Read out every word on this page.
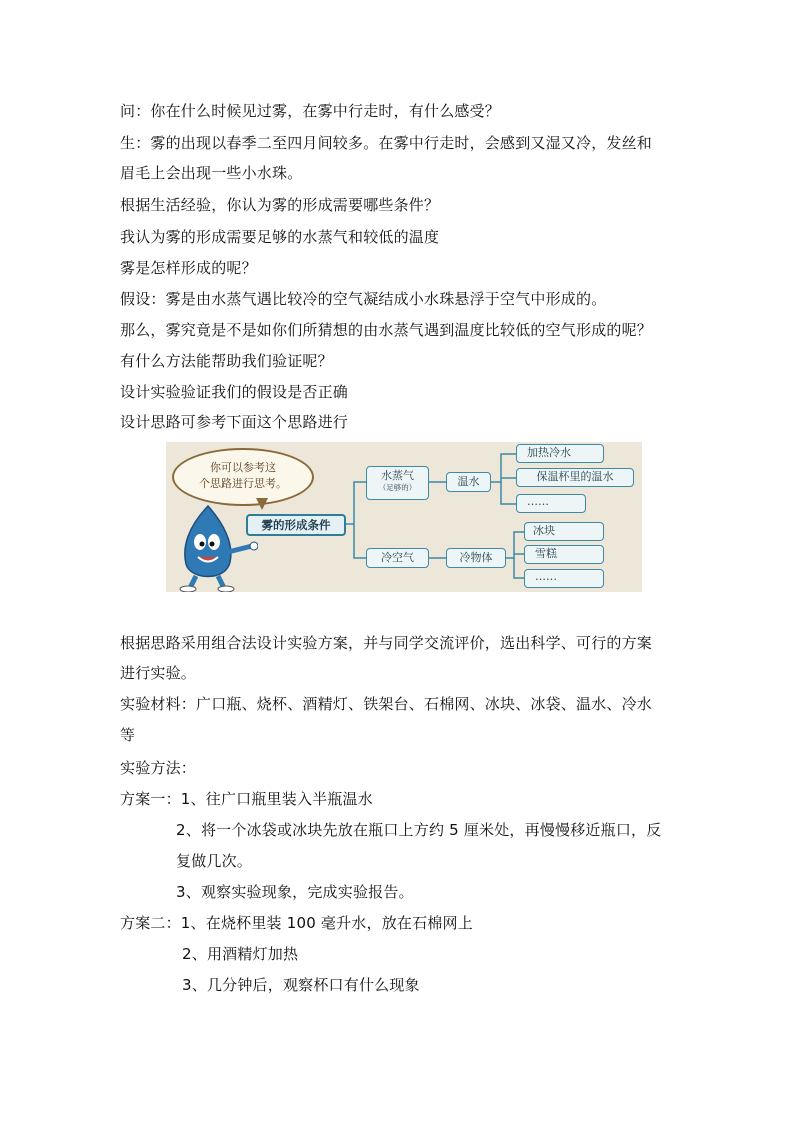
问：你在什么时候见过雾，在雾中行走时，有什么感受？
生：雾的出现以春季二至四月间较多。在雾中行走时，会感到又湿又冷，发丝和
眉毛上会出现一些小水珠。
根据生活经验，你认为雾的形成需要哪些条件？
我认为雾的形成需要足够的水蒸气和较低的温度
雾是怎样形成的呢？
假设：雾是由水蒸气遇比较冷的空气凝结成小水珠悬浮于空气中形成的。
那么，雾究竟是不是如你们所猜想的由水蒸气遇到温度比较低的空气形成的呢？
有什么方法能帮助我们验证呢？
设计实验验证我们的假设是否正确
设计思路可参考下面这个思路进行
你可以参考这
个思路进行思考。
雾的形成条件
水蒸气
（足够的）	温水
加热冷水
保温杯里的温水
……
冷空气	冷物体
冰块
雪糕
……
根据思路采用组合法设计实验方案，并与同学交流评价，选出科学、可行的方案
进行实验。
实验材料：广口瓶、烧杯、酒精灯、铁架台、石棉网、冰块、冰袋、温水、冷水
等
实验方法：
方案一：1、往广口瓶里装入半瓶温水
2、将一个冰袋或冰块先放在瓶口上方约 5 厘米处，再慢慢移近瓶口，反
复做几次。
3、观察实验现象，完成实验报告。
方案二：1、在烧杯里装 100 毫升水，放在石棉网上
2、用酒精灯加热
3、几分钟后，观察杯口有什么现象
